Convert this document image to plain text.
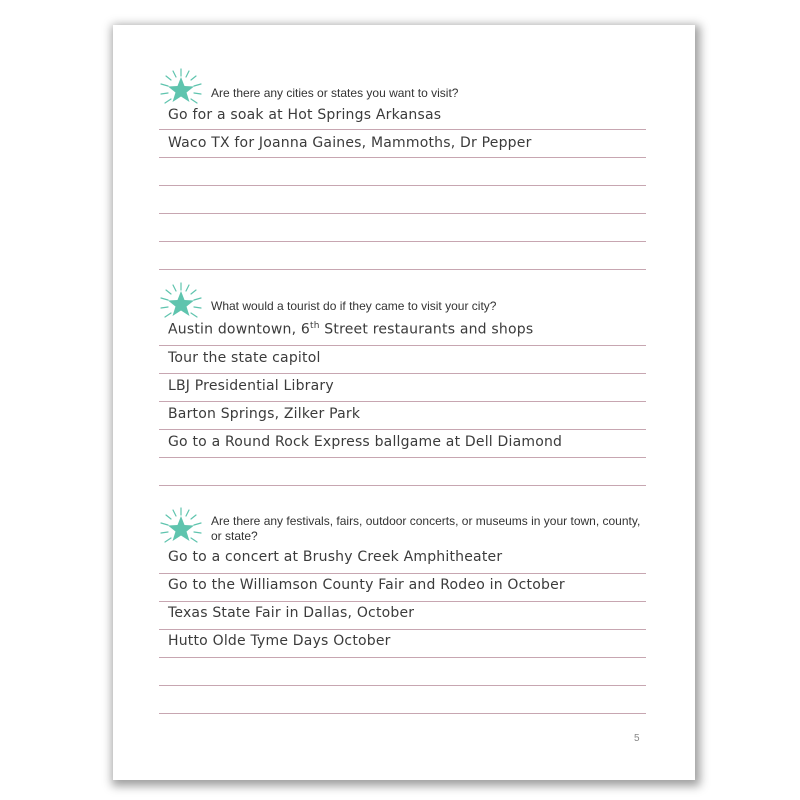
Are there any cities or states you want to visit?
Go for a soak at Hot Springs Arkansas
Waco TX for Joanna Gaines, Mammoths, Dr Pepper
What would a tourist do if they came to visit your city?
Austin downtown, 6th Street restaurants and shops
Tour the state capitol
LBJ Presidential Library
Barton Springs, Zilker Park
Go to a Round Rock Express ballgame at Dell Diamond
Are there any festivals, fairs, outdoor concerts, or museums in your town, county, or state?
Go to a concert at Brushy Creek Amphitheater
Go to the Williamson County Fair and Rodeo in October
Texas State Fair in Dallas, October
Hutto Olde Tyme Days October
5
